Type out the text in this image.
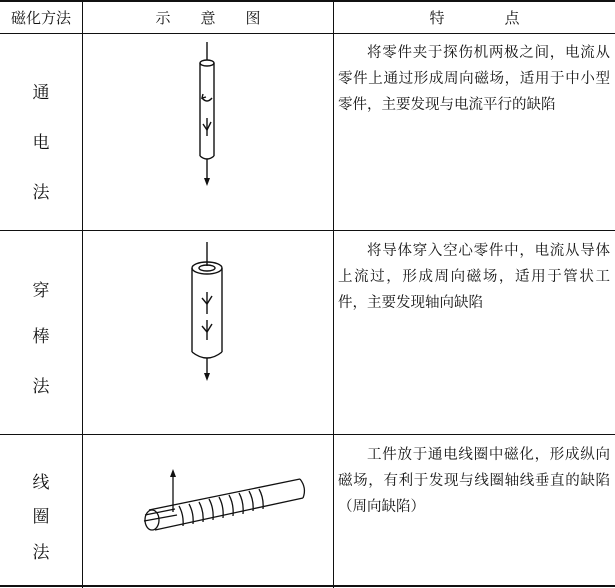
磁化方法	示　　意　　图	特　　　　点
通
电
法
将零件夹于探伤机两极之间，电流从零件上通过形成周向磁场，适用于中小型零件，主要发现与电流平行的缺陷
穿
棒
法
将导体穿入空心零件中，电流从导体上流过，形成周向磁场，适用于管状工件，主要发现轴向缺陷
线
圈
法
工件放于通电线圈中磁化，形成纵向磁场，有利于发现与线圈轴线垂直的缺陷（周向缺陷）
